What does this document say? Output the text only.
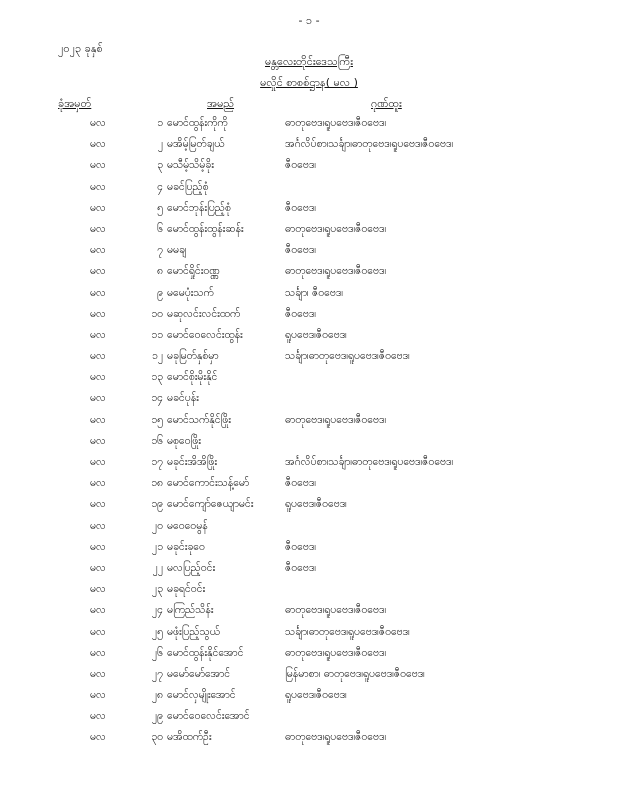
- ၁ -
၂၀၂၃ ခုနှစ်
မန္တလေးတိုင်းဒေသကြီး
မလှိုင် စာစစ်ဌာန( မလ )
ခုံအမှတ်	အမည်	ဂုဏ်ထူး
မလ	၁ မောင်ထွန်းကိုကို	ဓာတုဗေဒ၊ရူပဗေဒ၊ဇီဝဗေဒ၊
မလ	၂ မအိမ့်မြတ်ချယ်	အင်္ဂလိပ်စာ၊သင်္ချာ၊ဓာတုဗေဒ၊ရူပဗေဒ၊ဇီဝဗေဒ၊
မလ	၃ မသီမ့်သိမ့်ခိုး	ဇီဝဗေဒ၊
မလ	၄ မခင်ပြည့်စုံ
မလ	၅ မောင်ဘုန်းပြည့်စုံ	ဇီဝဗေဒ၊
မလ	၆ မောင်ထွန်းထွန်းဆန်း	ဓာတုဗေဒ၊ရူပဗေဒ၊ဇီဝဗေဒ၊
မလ	၇ မမချ	ဇီဝဗေဒ၊
မလ	၈ မောင်ရှိုင်းဝဏ္ဏ	ဓာတုဗေဒ၊ရူပဗေဒ၊ဇီဝဗေဒ၊
မလ	၉ မမေပုံးသက်	သင်္ချာ၊ ဇီဝဗေဒ၊
မလ	၁၀ မဆုလင်းလင်းထက်	ဇီဝဗေဒ၊
မလ	၁၁ မောင်ဝေလေင်းထွန်း	ရူပဗေဒ၊ဇီဝဗေဒ၊
မလ	၁၂ မခုမြတ်နှစ်မှာ	သင်္ချာ၊ဓာတုဗေဒ၊ရူပဗေဒ၊ဇီဝဗေဒ၊
မလ	၁၃ မောင်စိုးမိုးနိုင်
မလ	၁၄ မခင်ပုန်း
မလ	၁၅ မောင်သက်နိုင်ဖြိုး	ဓာတုဗေဒ၊ရူပဗေဒ၊ဇီဝဗေဒ၊
မလ	၁၆ မစုဝေဖြိုး
မလ	၁၇ မခုင်းအိအိဖြိုး	အင်္ဂလိပ်စာ၊သင်္ချာ၊ဓာတုဗေဒ၊ရူပဗေဒ၊ဇီဝဗေဒ၊
မလ	၁၈ မောင်ကောင်းသန့်မော်	ဇီဝဗေဒ၊
မလ	၁၉ မောင်ကျော်ဇေယျာမင်း	ရူပဗေဒ၊ဇီဝဗေဒ၊
မလ	၂၀ မဝေဝေမွန်
မလ	၂၁ မခုင်းခုဝေ	ဇီဝဗေဒ၊
မလ	၂၂ မလပြည့်ဝင်း	ဇီဝဗေဒ၊
မလ	၂၃ မခုရင်ဝင်း
မလ	၂၄ မကြည်သိန်း	ဓာတုဗေဒ၊ရူပဗေဒ၊ဇီဝဗေဒ၊
မလ	၂၅ မဖုံးပြည့်သွယ်	သင်္ချာ၊ဓာတုဗေဒ၊ရူပဗေဒ၊ဇီဝဗေဒ၊
မလ	၂၆ မောင်ထွန်းနိုင်အောင်	ဓာတုဗေဒ၊ရူပဗေဒ၊ဇီဝဗေဒ၊
မလ	၂၇ မမော်မော်အောင်	မြန်မာစာ၊ ဓာတုဗေဒ၊ရူပဗေဒ၊ဇီဝဗေဒ၊
မလ	၂၈ မောင်လှမျိုးအောင်	ရူပဗေဒ၊ဇီဝဗေဒ၊
မလ	၂၉ မောင်ဝေလေင်းအောင်
မလ	၃၀ မအိထက်ဦး	ဓာတုဗေဒ၊ရူပဗေဒ၊ဇီဝဗေဒ၊
